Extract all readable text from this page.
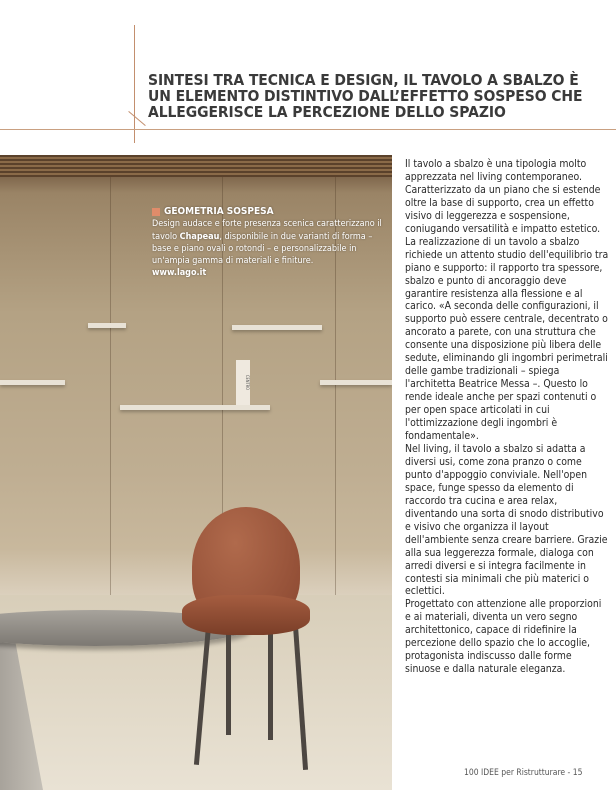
SINTESI TRA TECNICA E DESIGN, IL TAVOLO A SBALZO È
UN ELEMENTO DISTINTIVO DALL’EFFETTO SOSPESO CHE
ALLEGGERISCE LA PERCEZIONE DELLO SPAZIO
CENTRO
GEOMETRIA SOSPESA
Design audace e forte presenza scenica caratterizzano il tavolo Chapeau, disponibile in due varianti di forma – base e piano ovali o rotondi – e personalizzabile in un'ampia gamma di materiali e finiture.
www.lago.it

Il tavolo a sbalzo è una tipologia molto apprezzata nel living contemporaneo. Caratterizzato da un piano che si estende oltre la base di supporto, crea un effetto visivo di leggerezza e sospensione, coniugando versatilità e impatto estetico.

La realizzazione di un tavolo a sbalzo richiede un attento studio dell'equilibrio tra piano e supporto: il rapporto tra spessore, sbalzo e punto di ancoraggio deve garantire resistenza alla flessione e al carico. «A seconda delle configurazioni, il supporto può essere centrale, decentrato o ancorato a parete, con una struttura che consente una disposizione più libera delle sedute, eliminando gli ingombri perimetrali delle gambe tradizionali – spiega l'architetta Beatrice Messa –. Questo lo rende ideale anche per spazi contenuti o per open space articolati in cui l'ottimizzazione degli ingombri è fondamentale».

Nel living, il tavolo a sbalzo si adatta a diversi usi, come zona pranzo o come punto d'appoggio conviviale. Nell'open space, funge spesso da elemento di raccordo tra cucina e area relax, diventando una sorta di snodo distributivo e visivo che organizza il layout dell'ambiente senza creare barriere. Grazie alla sua leggerezza formale, dialoga con arredi diversi e si integra facilmente in contesti sia minimali che più materici o eclettici.

Progettato con attenzione alle proporzioni e ai materiali, diventa un vero segno architettonico, capace di ridefinire la percezione dello spazio che lo accoglie, protagonista indiscusso dalle forme sinuose e dalla naturale eleganza.

100 IDEE per Ristrutturare - 15
